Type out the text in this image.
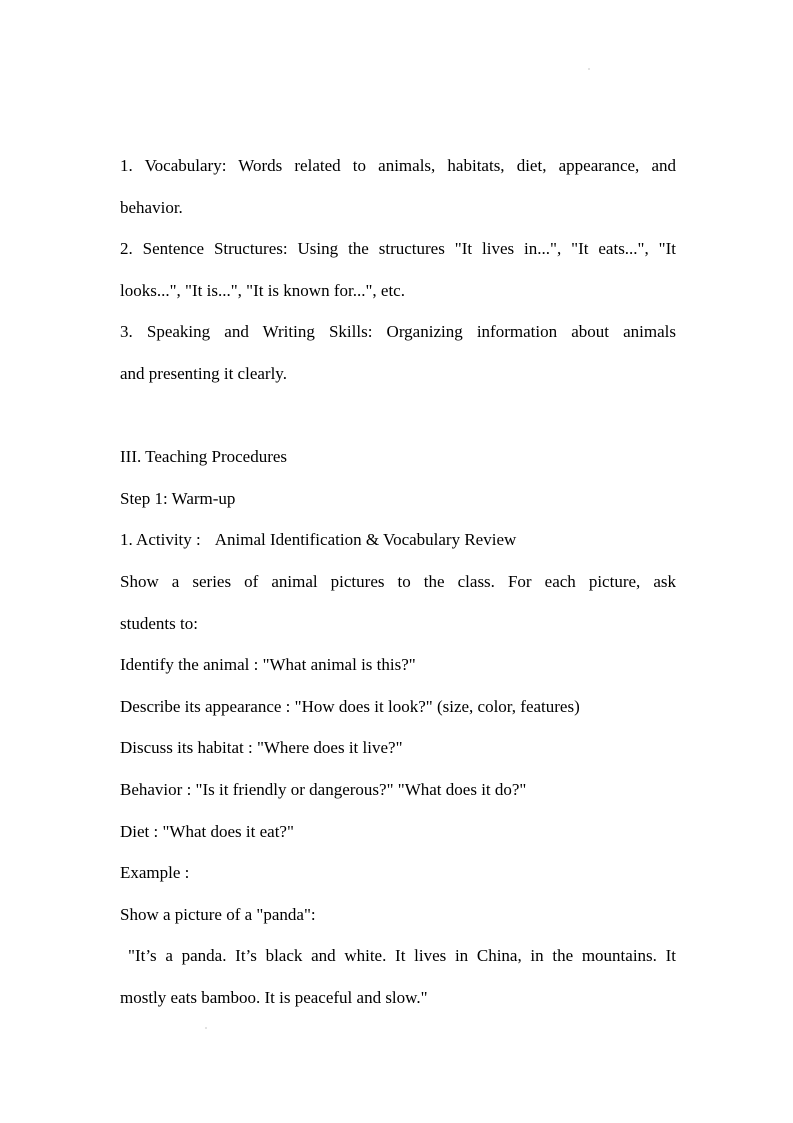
1. Vocabulary: Words related to animals, habitats, diet, appearance, and
behavior.
2. Sentence Structures: Using the structures "It lives in...", "It eats...", "It
looks...", "It is...", "It is known for...", etc.
3. Speaking and Writing Skills: Organizing information about animals
and presenting it clearly.
III. Teaching Procedures
Step 1: Warm-up
1. Activity : Animal Identification & Vocabulary Review
Show a series of animal pictures to the class. For each picture, ask
students to:
Identify the animal : "What animal is this?"
Describe its appearance : "How does it look?" (size, color, features)
Discuss its habitat : "Where does it live?"
Behavior : "Is it friendly or dangerous?" "What does it do?"
Diet : "What does it eat?"
Example :
Show a picture of a "panda":
"It’s a panda. It’s black and white. It lives in China, in the mountains. It
mostly eats bamboo. It is peaceful and slow."
